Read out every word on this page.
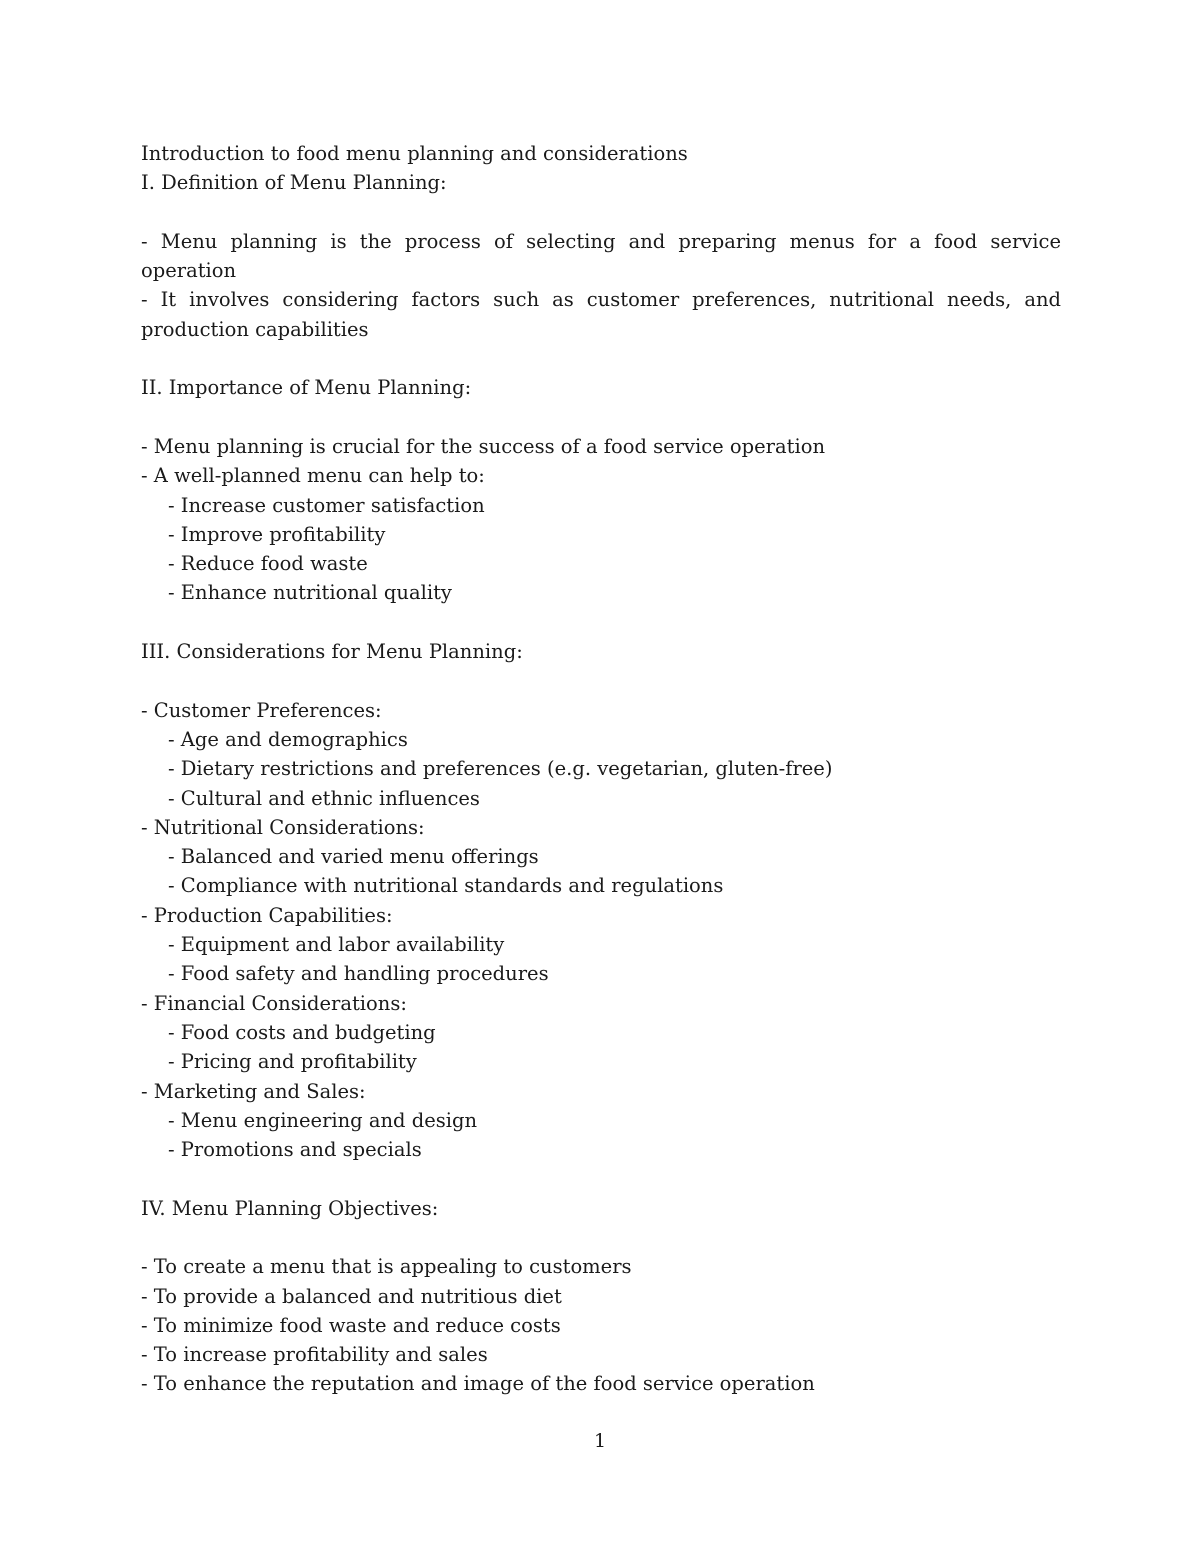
Introduction to food menu planning and considerations
I. Definition of Menu Planning:
- Menu planning is the process of selecting and preparing menus for a food service operation
- It involves considering factors such as customer preferences, nutritional needs, and production capabilities
II. Importance of Menu Planning:
- Menu planning is crucial for the success of a food service operation
- A well-planned menu can help to:
- Increase customer satisfaction
- Improve profitability
- Reduce food waste
- Enhance nutritional quality
III. Considerations for Menu Planning:
- Customer Preferences:
- Age and demographics
- Dietary restrictions and preferences (e.g. vegetarian, gluten-free)
- Cultural and ethnic influences
- Nutritional Considerations:
- Balanced and varied menu offerings
- Compliance with nutritional standards and regulations
- Production Capabilities:
- Equipment and labor availability
- Food safety and handling procedures
- Financial Considerations:
- Food costs and budgeting
- Pricing and profitability
- Marketing and Sales:
- Menu engineering and design
- Promotions and specials
IV. Menu Planning Objectives:
- To create a menu that is appealing to customers
- To provide a balanced and nutritious diet
- To minimize food waste and reduce costs
- To increase profitability and sales
- To enhance the reputation and image of the food service operation
1
